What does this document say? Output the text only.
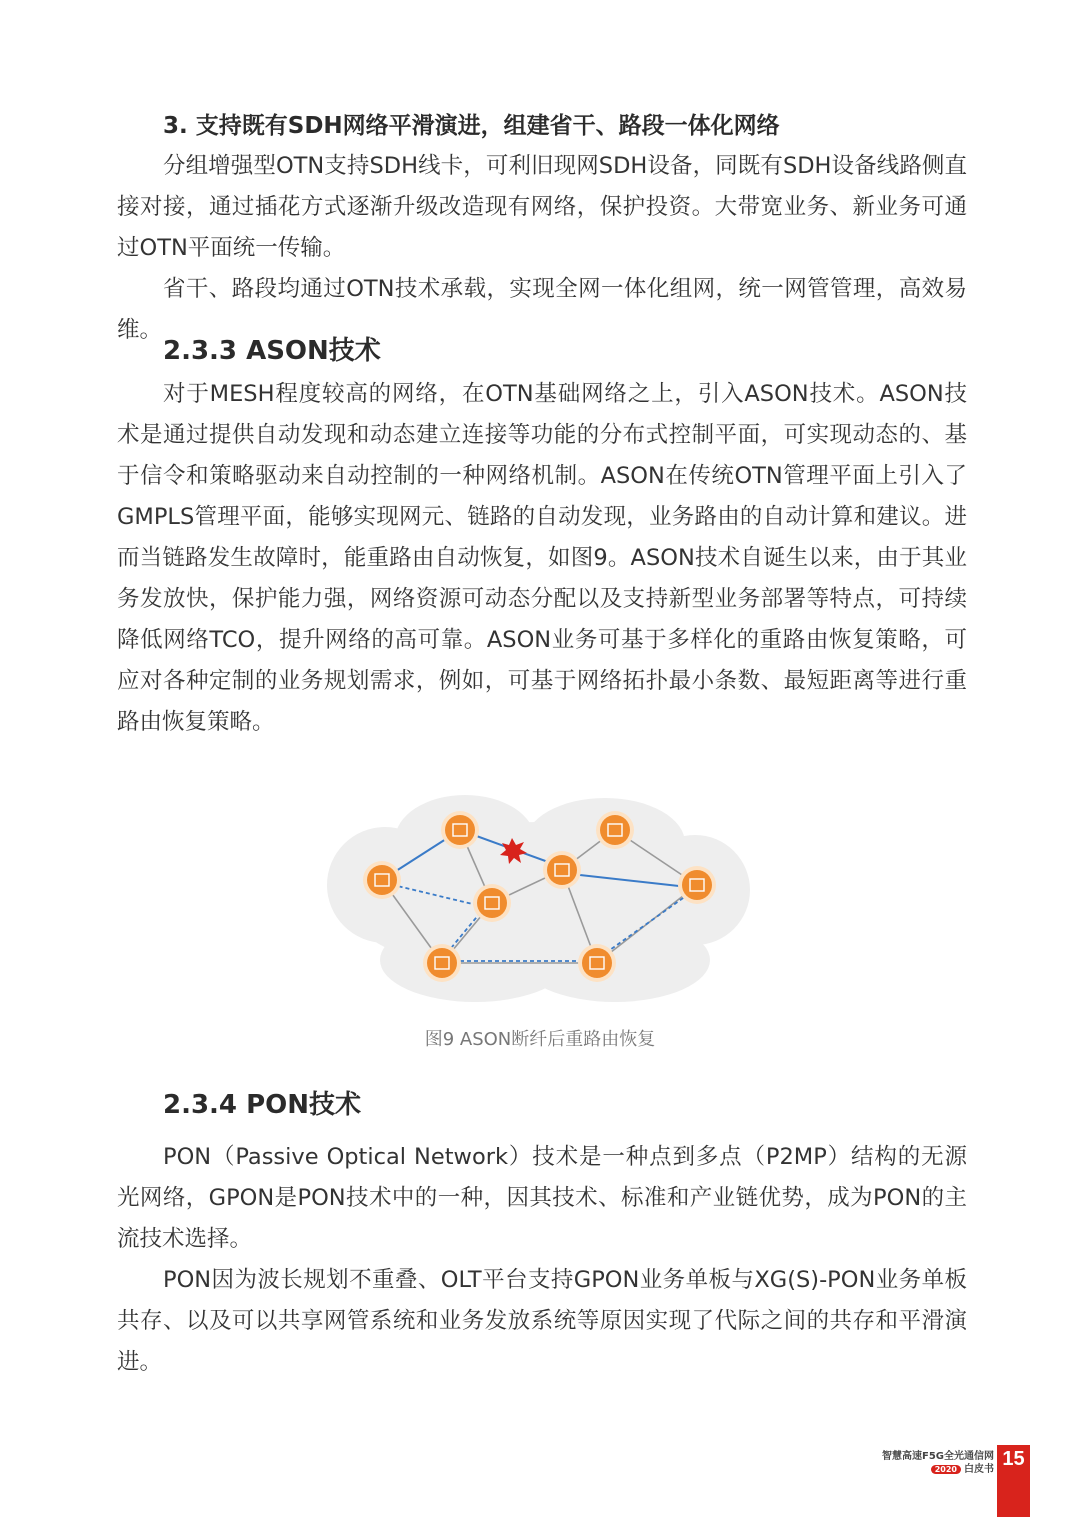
3. 支持既有SDH网络平滑演进，组建省干、路段一体化网络

分组增强型OTN支持SDH线卡，可利旧现网SDH设备，同既有SDH设备线路侧直接对接，通过插花方式逐渐升级改造现有网络，保护投资。大带宽业务、新业务可通过OTN平面统一传输。

省干、路段均通过OTN技术承载，实现全网一体化组网，统一网管管理，高效易维。

2.3.3 ASON技术

对于MESH程度较高的网络，在OTN基础网络之上，引入ASON技术。ASON技术是通过提供自动发现和动态建立连接等功能的分布式控制平面，可实现动态的、基于信令和策略驱动来自动控制的一种网络机制。ASON在传统OTN管理平面上引入了GMPLS管理平面，能够实现网元、链路的自动发现，业务路由的自动计算和建议。进而当链路发生故障时，能重路由自动恢复，如图9。ASON技术自诞生以来，由于其业务发放快，保护能力强，网络资源可动态分配以及支持新型业务部署等特点，可持续降低网络TCO，提升网络的高可靠。ASON业务可基于多样化的重路由恢复策略，可应对各种定制的业务规划需求，例如，可基于网络拓扑最小条数、最短距离等进行重路由恢复策略。

图9 ASON断纤后重路由恢复
2.3.4 PON技术

PON（Passive Optical Network）技术是一种点到多点（P2MP）结构的无源光网络，GPON是PON技术中的一种，因其技术、标准和产业链优势，成为PON的主流技术选择。

PON因为波长规划不重叠、OLT平台支持GPON业务单板与XG(S)-PON业务单板共存、以及可以共享网管系统和业务发放系统等原因实现了代际之间的共存和平滑演进。

智慧高速F5G全光通信网
2020 白皮书 15
